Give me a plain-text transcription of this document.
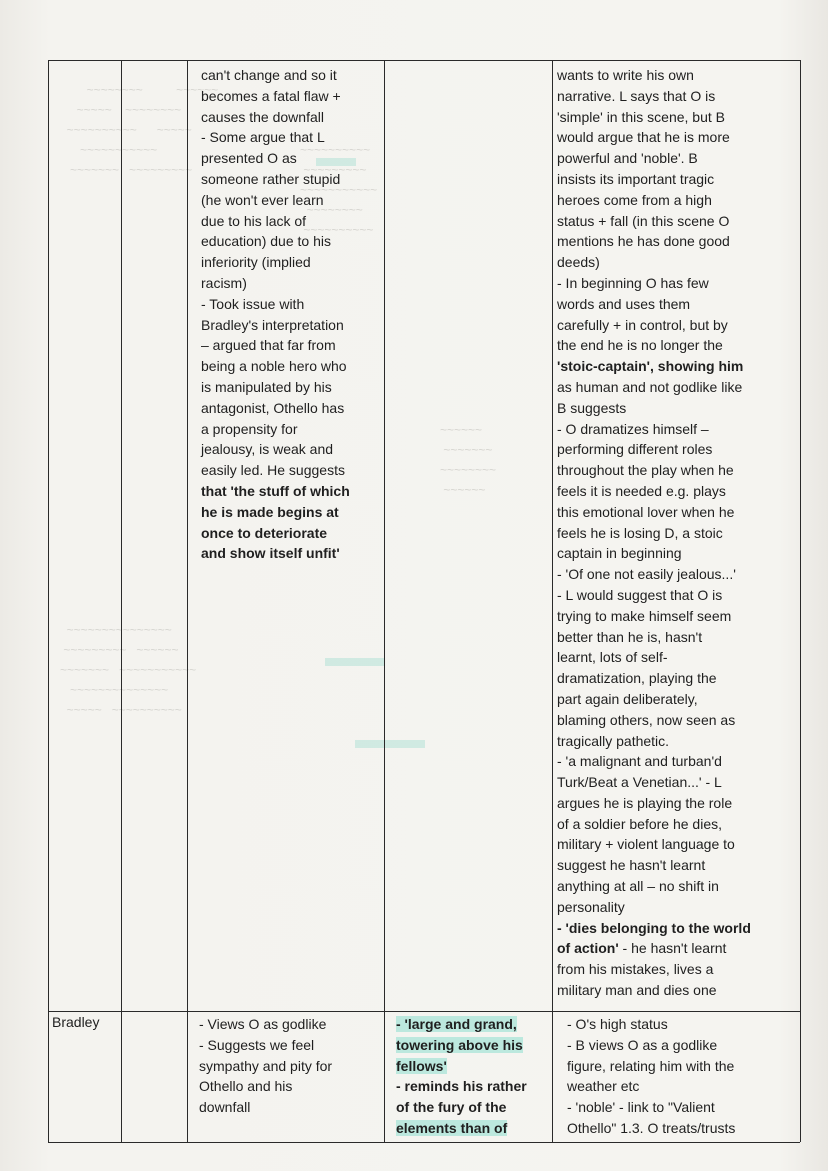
~~~~~~~~          ~~~~~~
~~~~~    ~~~~~~~~
~~~~~~~~~~      ~~~~~
~~~~~~~~~~~
~~~~~~~   ~~~~~~~~~
~~~~~~~~~~~~~~~
~~~~~~~~~   ~~~~~~
~~~~~~~   ~~~~~~~~~~~
~~~~~~~~~~~~~~
~~~~~   ~~~~~~~~~~
~~~~~~~~~~
~~~~~~~~~
~~~~~~~~~~~
~~~~~~~~
~~~~~~~~~~
~~~~~~
~~~~~~~
~~~~~~~~
~~~~~~
can't change and so it
becomes a fatal flaw +
causes the downfall
- Some argue that L
presented O as
someone rather stupid
(he won't ever learn
due to his lack of
education) due to his
inferiority (implied
racism)
- Took issue with
Bradley's interpretation
– argued that far from
being a noble hero who
is manipulated by his
antagonist, Othello has
a propensity for
jealousy, is weak and
easily led. He suggests
that 'the stuff of which
he is made begins at
once to deteriorate
and show itself unfit'
wants to write his own
narrative. L says that O is
'simple' in this scene, but B
would argue that he is more
powerful and 'noble'. B
insists its important tragic
heroes come from a high
status + fall (in this scene O
mentions he has done good
deeds)
- In beginning O has few
words and uses them
carefully + in control, but by
the end he is no longer the
'stoic-captain', showing him
as human and not godlike like
B suggests
- O dramatizes himself –
performing different roles
throughout the play when he
feels it is needed e.g. plays
this emotional lover when he
feels he is losing D, a stoic
captain in beginning
- 'Of one not easily jealous...'
- L would suggest that O is
trying to make himself seem
better than he is, hasn't
learnt, lots of self-
dramatization, playing the
part again deliberately,
blaming others, now seen as
tragically pathetic.
- 'a malignant and turban'd
Turk/Beat a Venetian...' - L
argues he is playing the role
of a soldier before he dies,
military + violent language to
suggest he hasn't learnt
anything at all – no shift in
personality
- 'dies belonging to the world
of action' - he hasn't learnt
from his mistakes, lives a
military man and dies one
Bradley	- Views O as godlike
- Suggests we feel
sympathy and pity for
Othello and his
downfall
- 'large and grand,
towering above his
fellows'
- reminds his rather
of the fury of the
elements than of
- O's high status
- B views O as a godlike
figure, relating him with the
weather etc
- 'noble' - link to "Valient
Othello" 1.3. O treats/trusts
